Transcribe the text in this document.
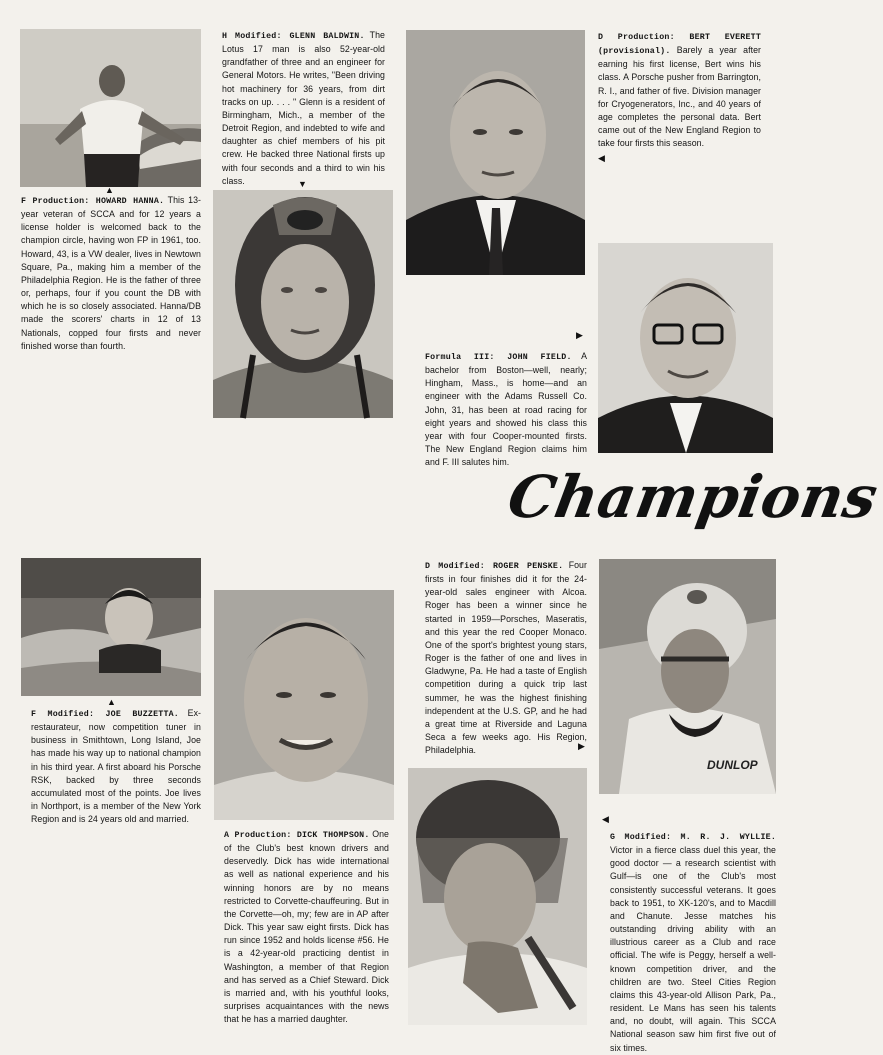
DUNLOP
F Production: HOWARD HANNA. This 13-year veteran of SCCA and for 12 years a license holder is welcomed back to the champion circle, having won FP in 1961, too. Howard, 43, is a VW dealer, lives in Newtown Square, Pa., making him a member of the Philadelphia Region. He is the father of three or, perhaps, four if you count the DB with which he is so closely associated. Hanna/DB made the scorers' charts in 12 of 13 Nationals, copped four firsts and never finished worse than fourth.
H Modified: GLENN BALDWIN. The Lotus 17 man is also 52-year-old grandfather of three and an engineer for General Motors. He writes, "Been driving hot machinery for 36 years, from dirt tracks on up. . . . " Glenn is a resident of Birmingham, Mich., a member of the Detroit Region, and indebted to wife and daughter as chief members of his pit crew. He backed three National firsts up with four seconds and a third to win his class.
D Production: BERT EVERETT (provisional). Barely a year after earning his first license, Bert wins his class. A Porsche pusher from Barrington, R. I., and father of five. Division manager for Cryogenerators, Inc., and 40 years of age completes the personal data. Bert came out of the New England Region to take four firsts this season.
Formula III: JOHN FIELD. A bachelor from Boston—well, nearly; Hingham, Mass., is home—and an engineer with the Adams Russell Co. John, 31, has been at road racing for eight years and showed his class this year with four Cooper-mounted firsts. The New England Region claims him and F. III salutes him.
F Modified: JOE BUZZETTA. Ex-restaurateur, now competition tuner in business in Smithtown, Long Island, Joe has made his way up to national champion in his third year. A first aboard his Porsche RSK, backed by three seconds accumulated most of the points. Joe lives in Northport, is a member of the New York Region and is 24 years old and married.
D Modified: ROGER PENSKE. Four firsts in four finishes did it for the 24-year-old sales engineer with Alcoa. Roger has been a winner since he started in 1959—Porsches, Maseratis, and this year the red Cooper Monaco. One of the sport's brightest young stars, Roger is the father of one and lives in Gladwyne, Pa. He had a taste of English competition during a quick trip last summer, he was the highest finishing independent at the U.S. GP, and he had a great time at Riverside and Laguna Seca a few weeks ago. His Region, Philadelphia.
A Production: DICK THOMPSON. One of the Club's best known drivers and deservedly. Dick has wide international as well as national experience and his winning honors are by no means restricted to Corvette-chauffeuring. But in the Corvette—oh, my; few are in AP after Dick. This year saw eight firsts. Dick has run since 1952 and holds license #56. He is a 42-year-old practicing dentist in Washington, a member of that Region and has served as a Chief Steward. Dick is married and, with his youthful looks, surprises acquaintances with the news that he has a married daughter.
G Modified: M. R. J. WYLLIE. Victor in a fierce class duel this year, the good doctor — a research scientist with Gulf—is one of the Club's most consistently successful veterans. It goes back to 1951, to XK-120's, and to Macdill and Chanute. Jesse matches his outstanding driving ability with an illustrious career as a Club and race official. The wife is Peggy, herself a well-known competition driver, and the children are two. Steel Cities Region claims this 43-year-old Allison Park, Pa., resident. Le Mans has seen his talents and, no doubt, will again. This SCCA National season saw him first five out of six times.
▲
▼
◀
▶
▲
▶
◀
Champions
